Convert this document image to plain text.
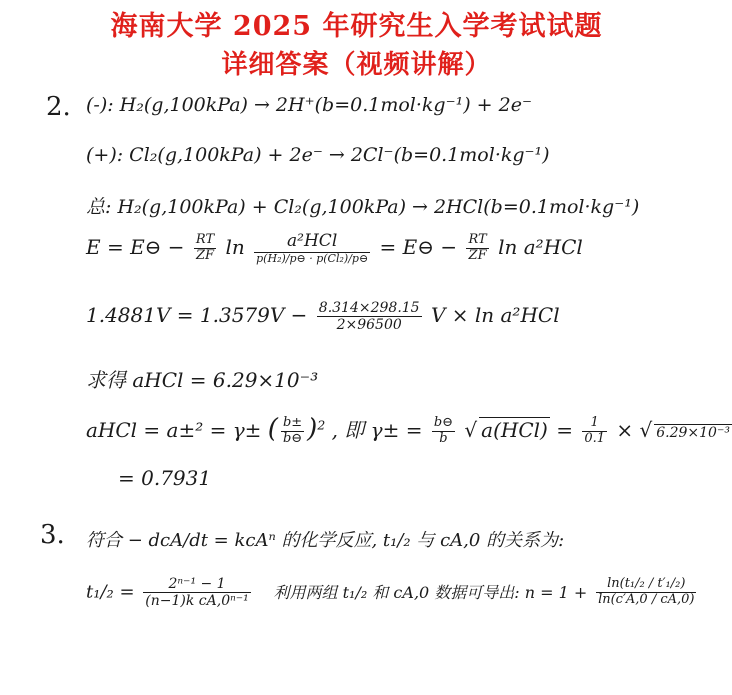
海南大学 2025 年研究生入学考试试题
详细答案（视频讲解）
2. (-): H₂(g,100kPa) → 2H⁺(b=0.1mol·kg⁻¹) + 2e⁻
(+): Cl₂(g,100kPa) + 2e⁻ → 2Cl⁻(b=0.1mol·kg⁻¹)
总: H₂(g,100kPa) + Cl₂(g,100kPa) → 2HCl(b=0.1mol·kg⁻¹)
E = E⊖ − $\frac{RT}{ZF}$ $\ln \frac{\text{a²HCl}}{\text{p(H₂)/p⊖ · p(Cl₂)/p⊖}}$ = E⊖ − $\frac{RT}{ZF}$ ln a²HCl
$1.4881V = 1.3579V - \frac{8.314\times 298.15}{2\times 96500}$ V × ln a²HCl
求得 aHCl = 6.29×10⁻³
aHCl = a±² = γ± ( $\frac{b\pm}{b⊖} )^2$ , 即 $\gamma\pm = \frac{b⊖}{b}$ √ $a(HCl) = \frac{1}{0.1}$ × √ 6.29×10⁻³
= 0.7931
3. 符合 − dcA/dt = kcAⁿ 的化学反应, t₁/₂ 与 cA,0 的关系为:
$t_1/_2 = \frac{\text{2ⁿ⁻¹ − 1}}{\text{(n−1)k cA,0ⁿ⁻¹}}$ 利用两组 t₁/₂ 和 cA,0 数据可导出: $n = 1 + \frac{\text{ln(t₁/₂ / t′₁/₂)}}{\ln(c'A,0 / cA,0)}$
